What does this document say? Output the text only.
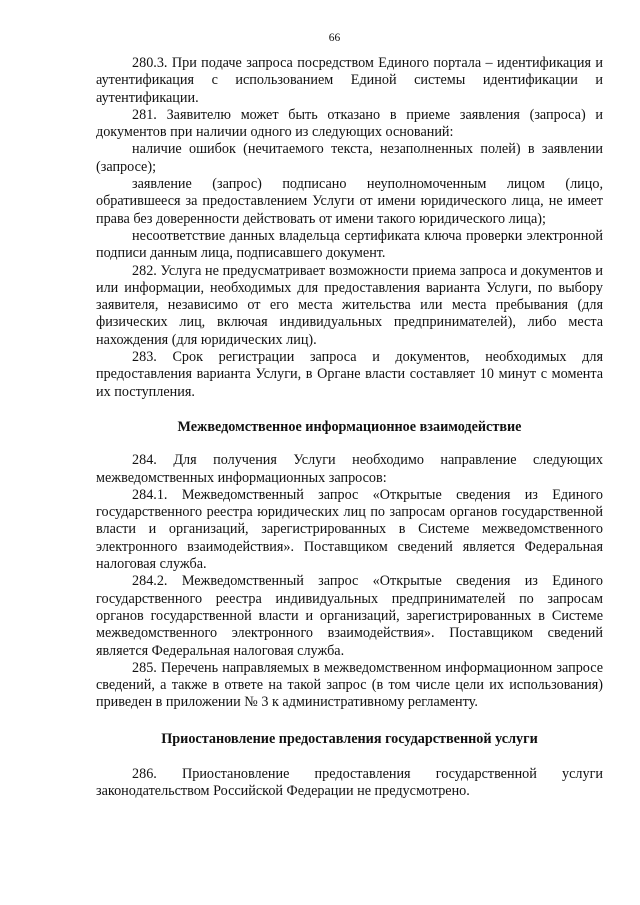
66

280.3. При подаче запроса посредством Единого портала – идентификация и аутентификация с использованием Единой системы идентификации и аутентификации.

281. Заявителю может быть отказано в приеме заявления (запроса) и документов при наличии одного из следующих оснований:

наличие ошибок (нечитаемого текста, незаполненных полей) в заявлении (запросе);

заявление (запрос) подписано неуполномоченным лицом (лицо, обратившееся за предоставлением Услуги от имени юридического лица, не имеет права без доверенности действовать от имени такого юридического лица);

несоответствие данных владельца сертификата ключа проверки электронной подписи данным лица, подписавшего документ.

282. Услуга не предусматривает возможности приема запроса и документов и или информации, необходимых для предоставления варианта Услуги, по выбору заявителя, независимо от его места жительства или места пребывания (для физических лиц, включая индивидуальных предпринимателей), либо места нахождения (для юридических лиц).

283. Срок регистрации запроса и документов, необходимых для предоставления варианта Услуги, в Органе власти составляет 10 минут с момента их поступления.

Межведомственное информационное взаимодействие

284. Для получения Услуги необходимо направление следующих межведомственных информационных запросов:

284.1. Межведомственный запрос «Открытые сведения из Единого государственного реестра юридических лиц по запросам органов государственной власти и организаций, зарегистрированных в Системе межведомственного электронного взаимодействия». Поставщиком сведений является Федеральная налоговая служба.

284.2. Межведомственный запрос «Открытые сведения из Единого государственного реестра индивидуальных предпринимателей по запросам органов государственной власти и организаций, зарегистрированных в Системе межведомственного электронного взаимодействия». Поставщиком сведений является Федеральная налоговая служба.

285. Перечень направляемых в межведомственном информационном запросе сведений, а также в ответе на такой запрос (в том числе цели их использования) приведен в приложении № 3 к административному регламенту.

Приостановление предоставления государственной услуги

286. Приостановление предоставления государственной услуги законодательством Российской Федерации не предусмотрено.
